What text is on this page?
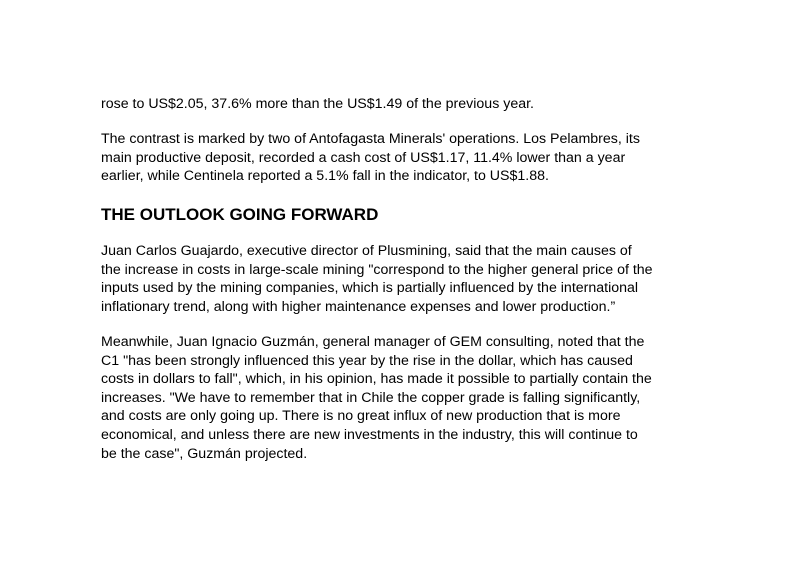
rose to US$2.05, 37.6% more than the US$1.49 of the previous year.
The contrast is marked by two of Antofagasta Minerals' operations. Los Pelambres, its
main productive deposit, recorded a cash cost of US$1.17, 11.4% lower than a year
earlier, while Centinela reported a 5.1% fall in the indicator, to US$1.88.
THE OUTLOOK GOING FORWARD
Juan Carlos Guajardo, executive director of Plusmining, said that the main causes of
the increase in costs in large-scale mining "correspond to the higher general price of the
inputs used by the mining companies, which is partially influenced by the international
inflationary trend, along with higher maintenance expenses and lower production.”
Meanwhile, Juan Ignacio Guzmán, general manager of GEM consulting, noted that the
C1 "has been strongly influenced this year by the rise in the dollar, which has caused
costs in dollars to fall", which, in his opinion, has made it possible to partially contain the
increases. "We have to remember that in Chile the copper grade is falling significantly,
and costs are only going up. There is no great influx of new production that is more
economical, and unless there are new investments in the industry, this will continue to
be the case", Guzmán projected.
